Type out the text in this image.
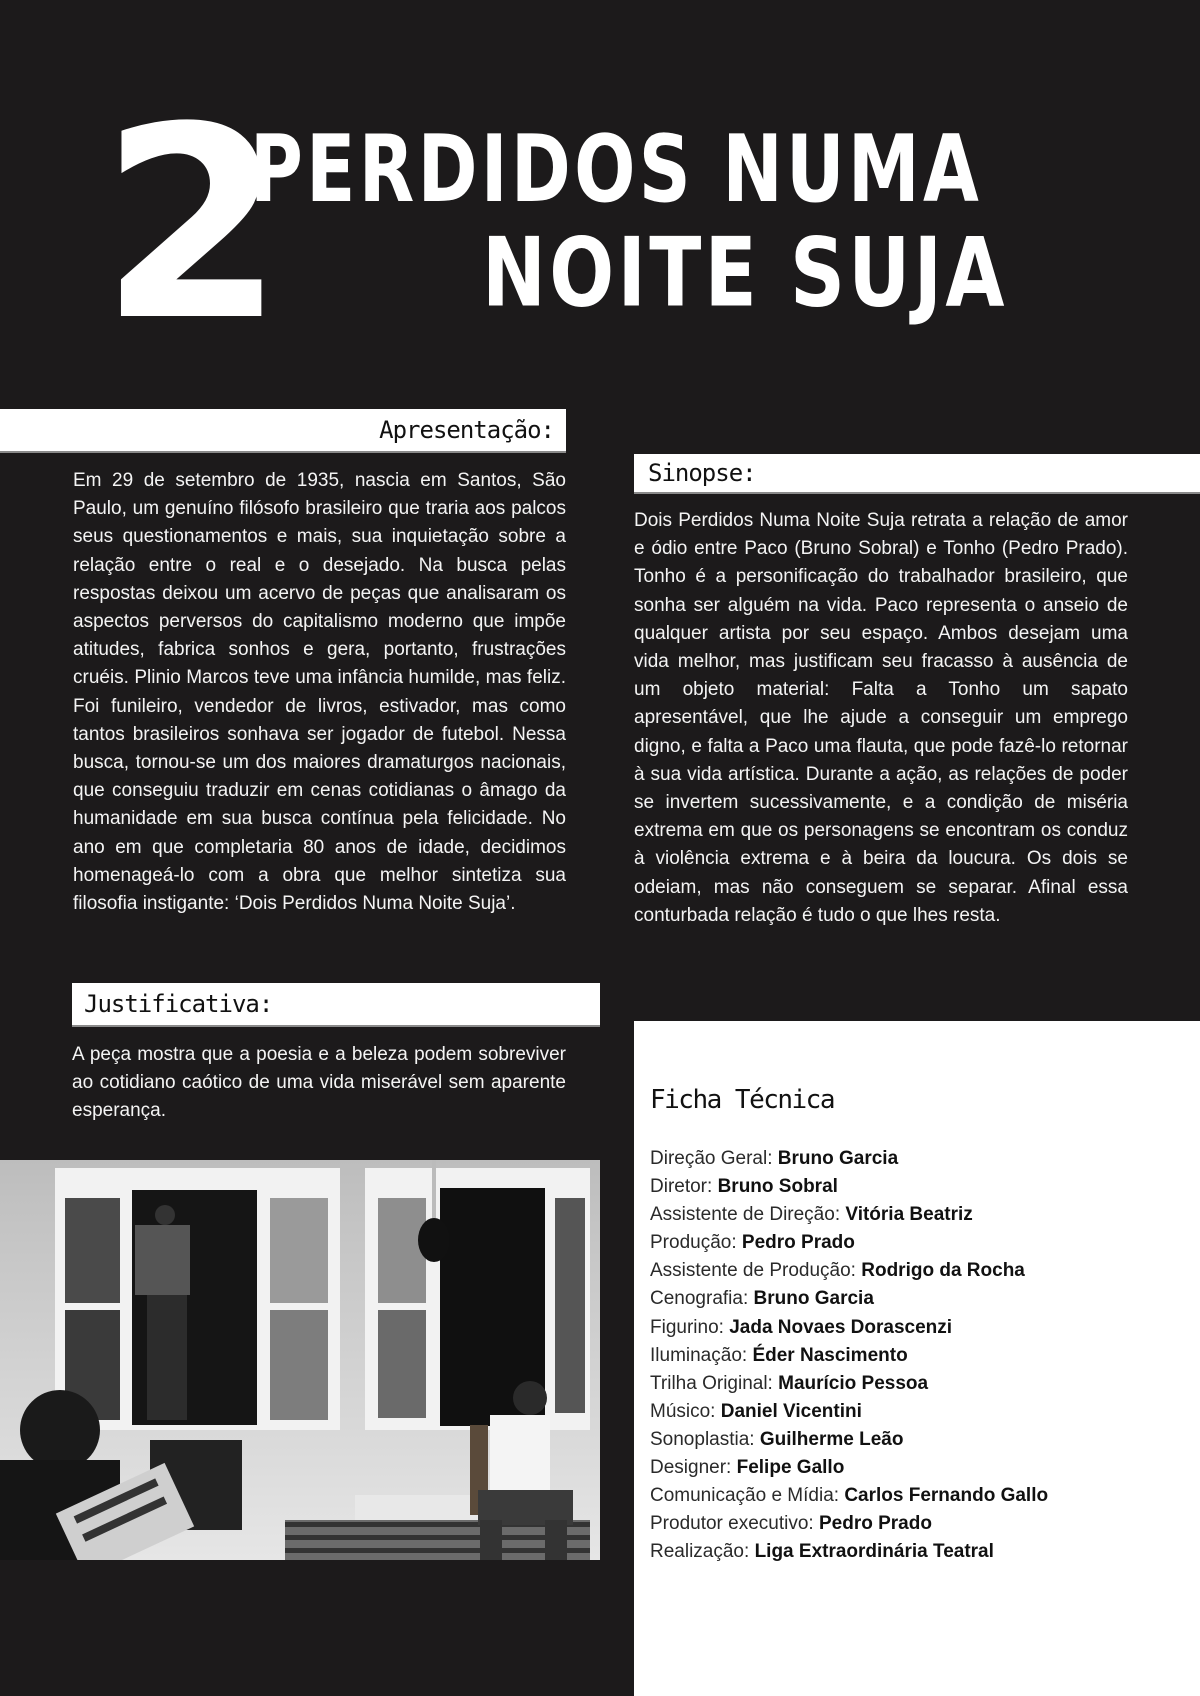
2
PERDIDOS NUMA
NOITE SUJA
Apresentação:

Em 29 de setembro de 1935, nascia em Santos, São Paulo, um genuíno filósofo brasileiro que traria aos palcos seus questionamentos e mais, sua inquietação sobre a relação entre o real e o desejado. Na busca pelas respostas deixou um acervo de peças que analisaram os aspectos perversos do capitalismo moderno que impõe atitudes, fabrica sonhos e gera, portanto, frustrações cruéis. Plinio Marcos teve uma infância humilde, mas feliz. Foi funileiro, vendedor de livros, estivador, mas como tantos brasileiros sonhava ser jogador de futebol. Nessa busca, tornou-se um dos maiores dramaturgos nacionais, que conseguiu traduzir em cenas cotidianas o âmago da humanidade em sua busca contínua pela felicidade. No ano em que completaria 80 anos de idade, decidimos homenageá-lo com a obra que melhor sintetiza sua filosofia instigante: ‘Dois Perdidos Numa Noite Suja’.

Sinopse:

Dois Perdidos Numa Noite Suja retrata a relação de amor e ódio entre Paco (Bruno Sobral) e Tonho (Pedro Prado). Tonho é a personificação do trabalhador brasileiro, que sonha ser alguém na vida. Paco representa o anseio de qualquer artista por seu espaço. Ambos desejam uma vida melhor, mas justificam seu fracasso à ausência de um objeto material: Falta a Tonho um sapato apresentável, que lhe ajude a conseguir um emprego digno, e falta a Paco uma flauta, que pode fazê-lo retornar à sua vida artística. Durante a ação, as relações de poder se invertem sucessivamente, e a condição de miséria extrema em que os personagens se encontram os conduz à violência extrema e à beira da loucura. Os dois se odeiam, mas não conseguem se separar. Afinal essa conturbada relação é tudo o que lhes resta.

Justificativa:

A peça mostra que a poesia e a beleza podem sobreviver ao cotidiano caótico de uma vida miserável sem aparente esperança.	Ficha Técnica
Direção Geral: Bruno Garcia
Diretor: Bruno Sobral
Assistente de Direção: Vitória Beatriz
Produção: Pedro Prado
Assistente de Produção: Rodrigo da Rocha
Cenografia: Bruno Garcia
Figurino: Jada Novaes Dorascenzi
Iluminação: Éder Nascimento
Trilha Original: Maurício Pessoa
Músico: Daniel Vicentini
Sonoplastia: Guilherme Leão
Designer: Felipe Gallo
Comunicação e Mídia: Carlos Fernando Gallo
Produtor executivo: Pedro Prado
Realização: Liga Extraordinária Teatral
